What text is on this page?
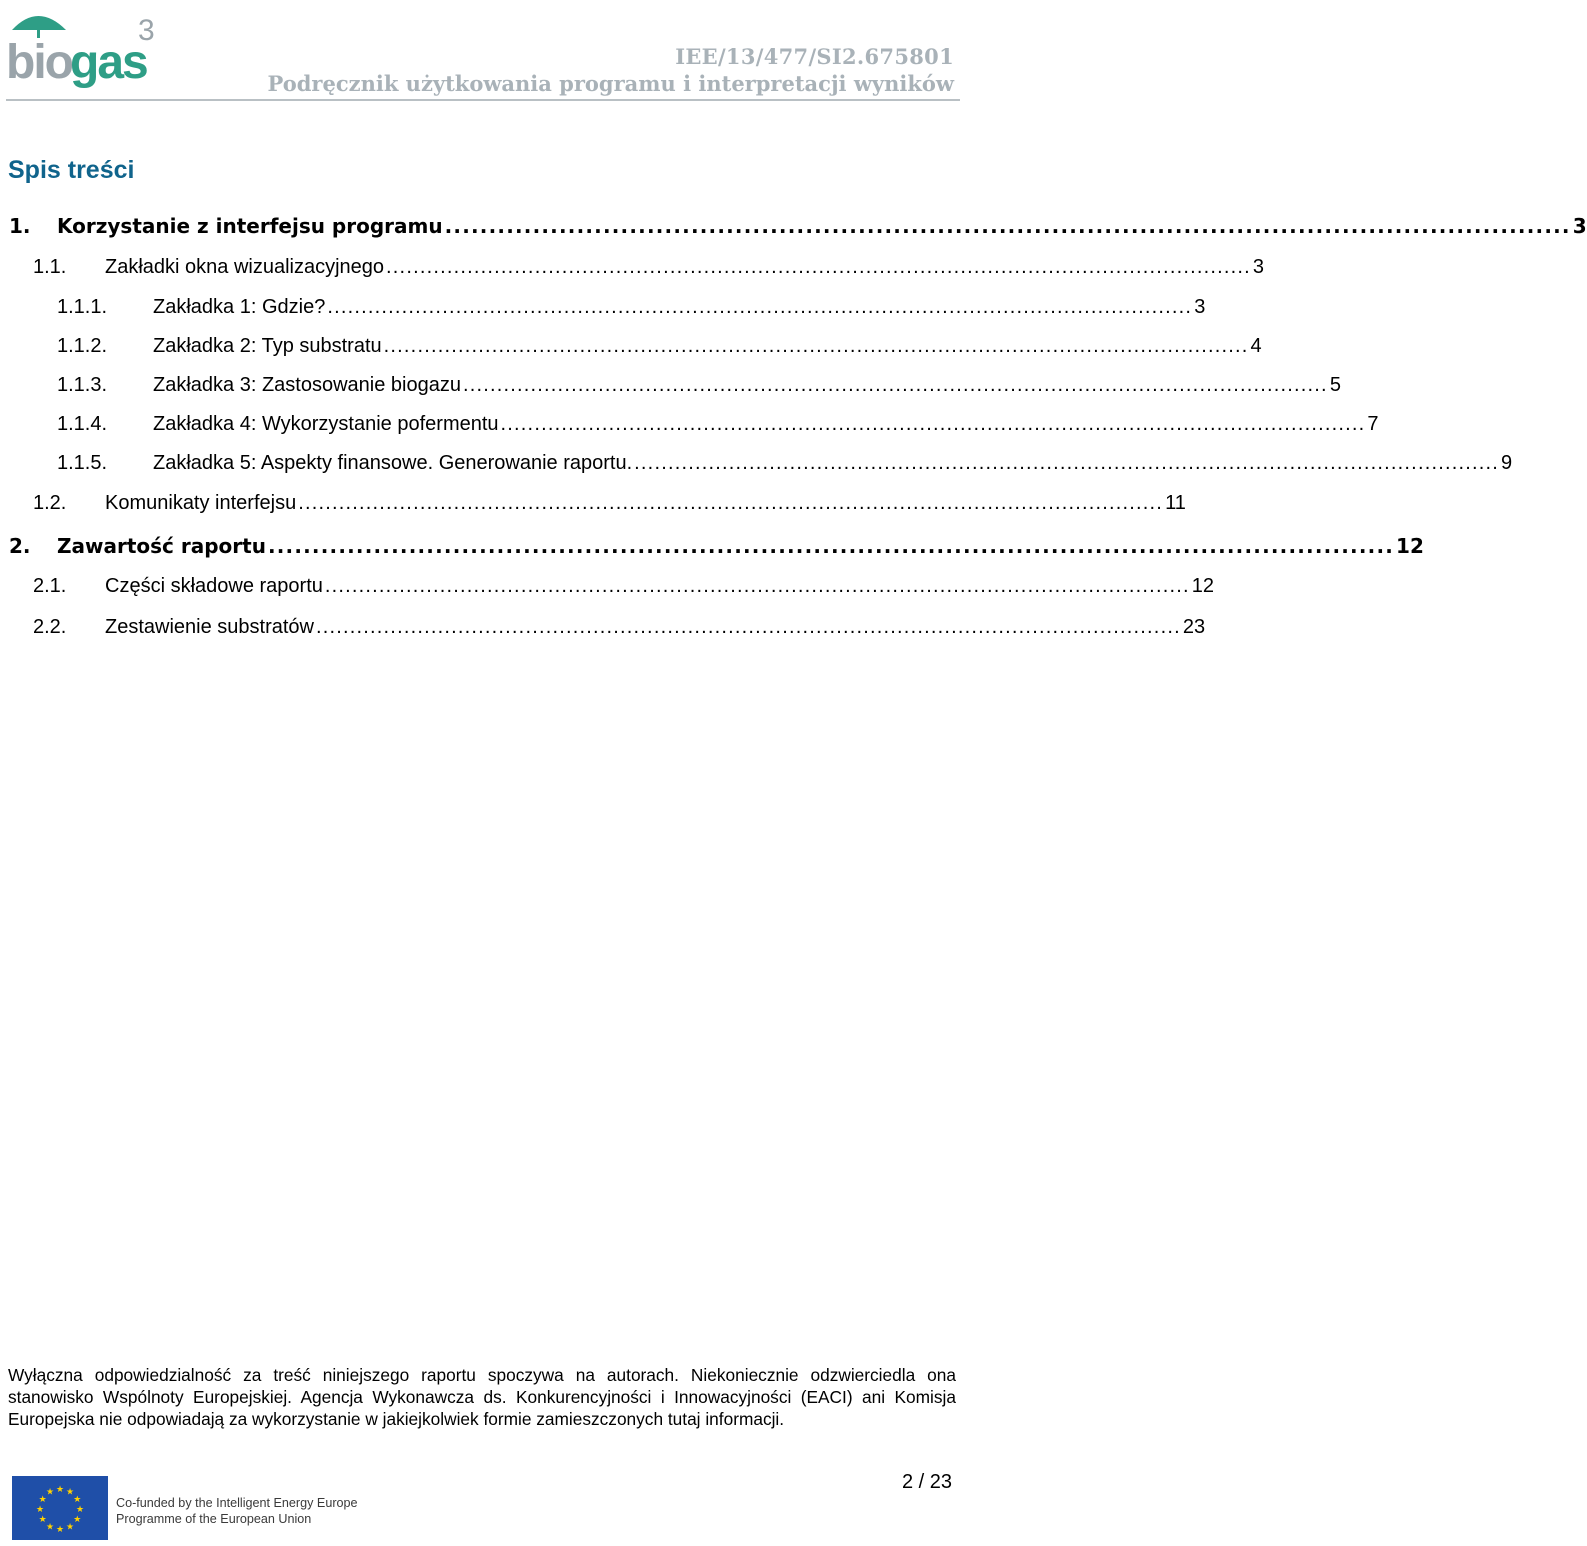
bio
gas
3
IEE/13/477/SI2.675801
Podręcznik użytkowania programu i interpretacji wyników
Spis treści
1. Korzystanie z interfejsu programu ................................................................................................................................ 3
1.1. Zakładki okna wizualizacyjnego ................................................................................................................................ 3
1.1.1. Zakładka 1: Gdzie? ................................................................................................................................ 3
1.1.2. Zakładka 2: Typ substratu ................................................................................................................................ 4
1.1.3. Zakładka 3: Zastosowanie biogazu ................................................................................................................................ 5
1.1.4. Zakładka 4: Wykorzystanie pofermentu ................................................................................................................................ 7
1.1.5. Zakładka 5: Aspekty finansowe. Generowanie raportu. ................................................................................................................................ 9
1.2. Komunikaty interfejsu ................................................................................................................................ 11
2. Zawartość raportu ................................................................................................................................ 12
2.1. Części składowe raportu ................................................................................................................................ 12
2.2. Zestawienie substratów ................................................................................................................................ 23
Wyłączna odpowiedzialność za treść niniejszego raportu spoczywa na autorach. Niekoniecznie odzwierciedla ona stanowisko Wspólnoty Europejskiej. Agencja Wykonawcza ds. Konkurencyjności i Innowacyjności (EACI) ani Komisja Europejska nie odpowiadają za wykorzystanie w jakiejkolwiek formie zamieszczonych tutaj informacji.
2 / 23
★ ★
★
★
★
★
★
★
★
★
★
★
Co-funded by the Intelligent Energy Europe
Programme of the European Union
